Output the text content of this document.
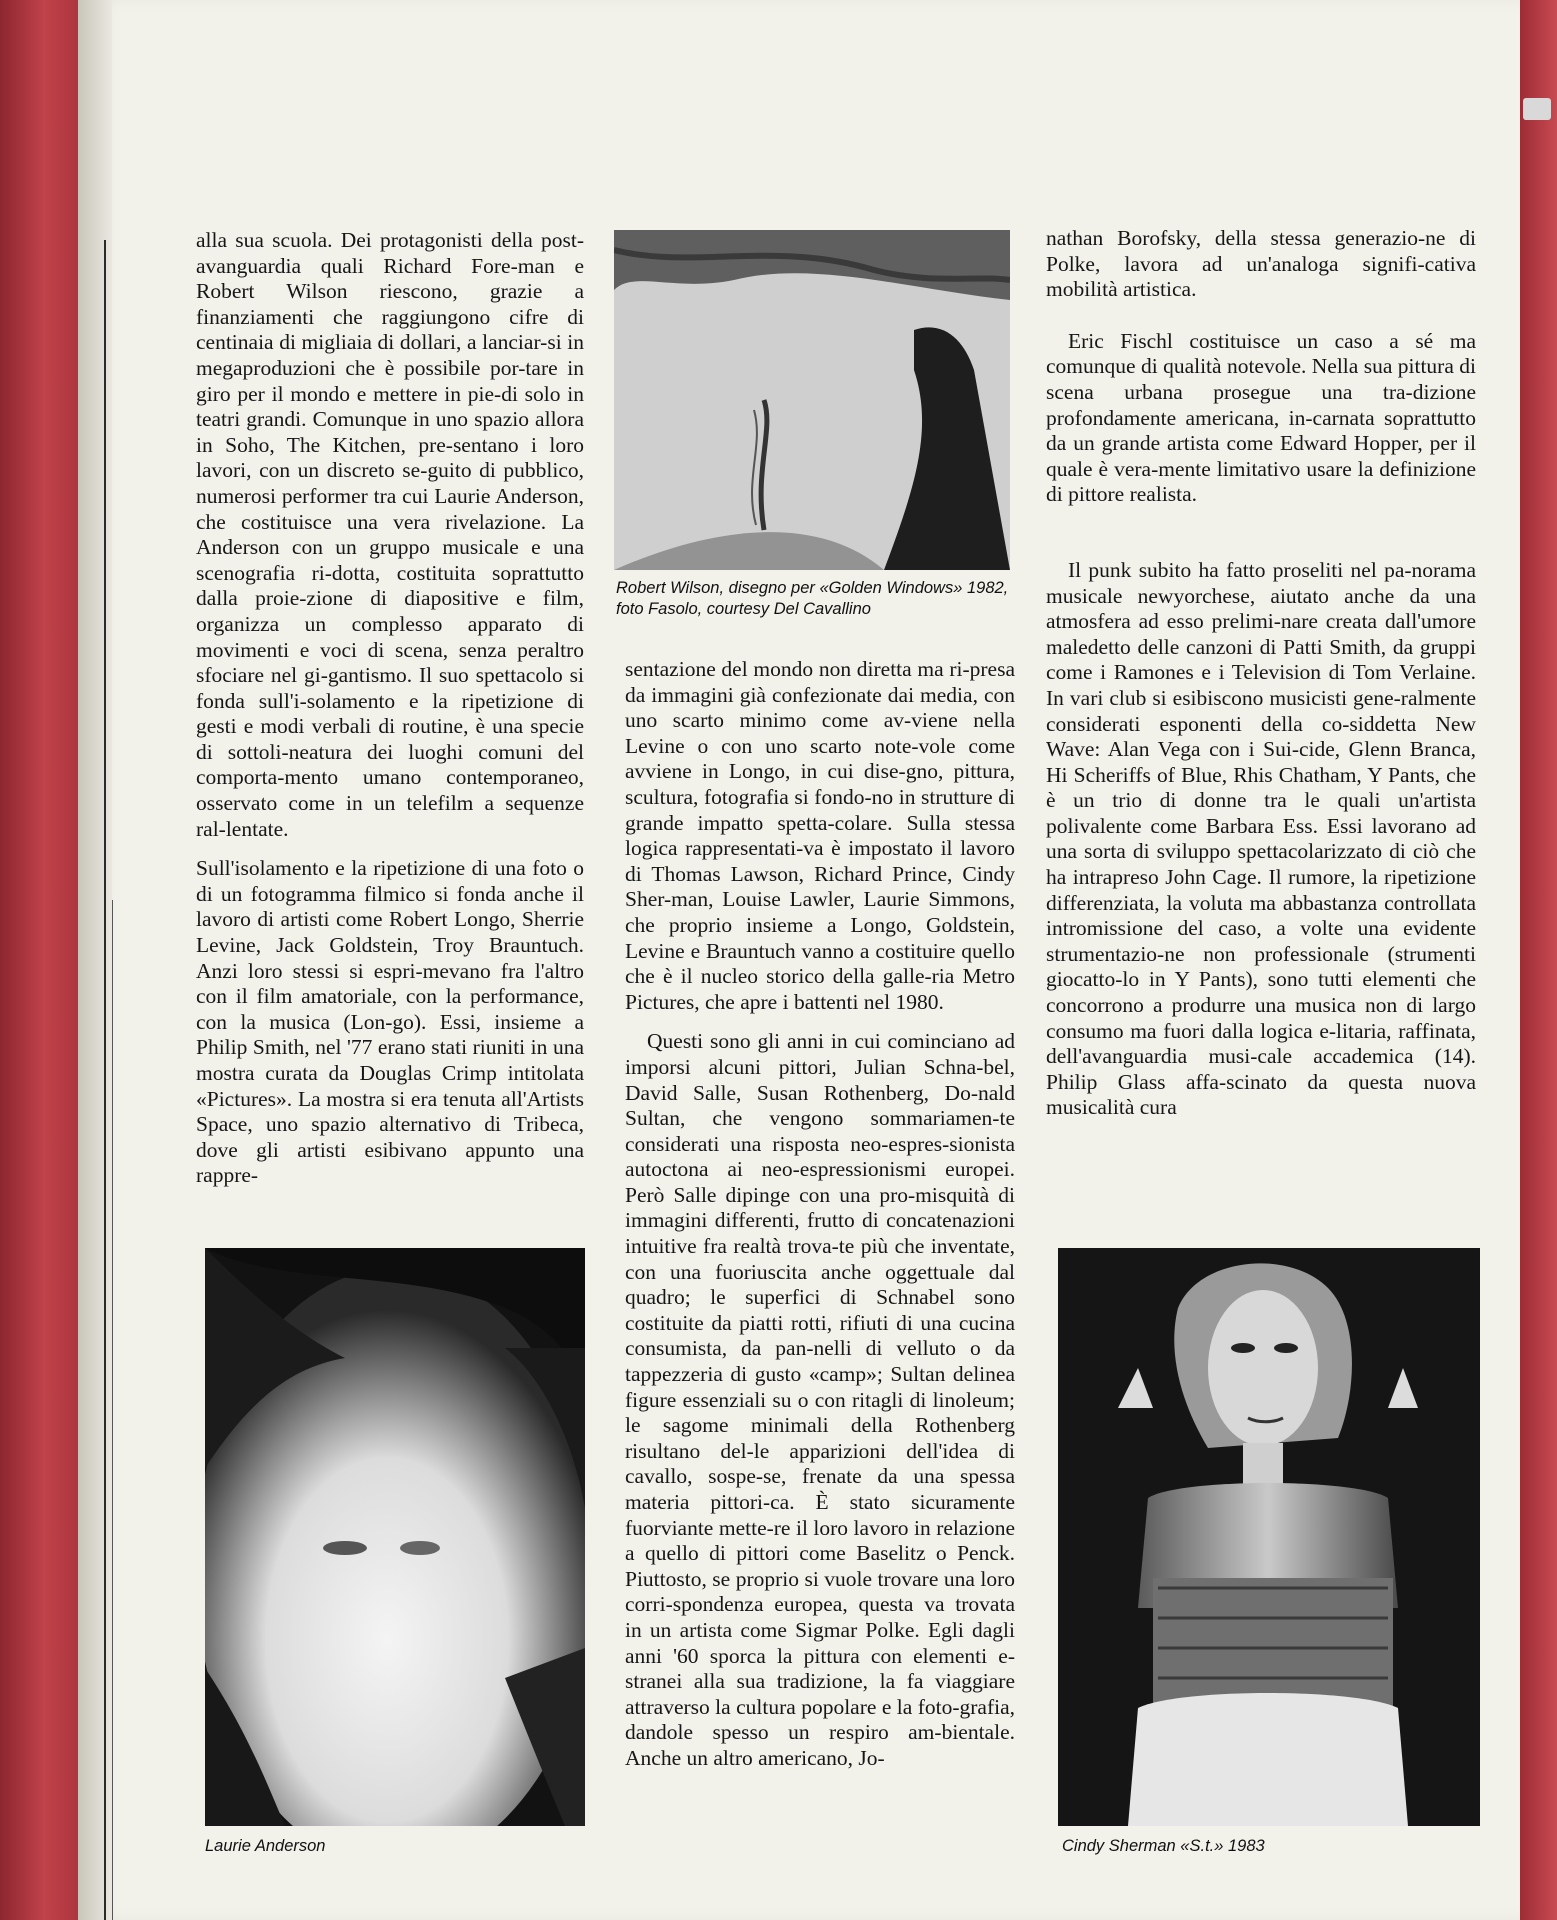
alla sua scuola. Dei protagonisti della post-avanguardia quali Richard Fore-man e Robert Wilson riescono, grazie a finanziamenti che raggiungono cifre di centinaia di migliaia di dollari, a lanciar-si in megaproduzioni che è possibile por-tare in giro per il mondo e mettere in pie-di solo in teatri grandi. Comunque in uno spazio allora in Soho, The Kitchen, pre-sentano i loro lavori, con un discreto se-guito di pubblico, numerosi performer tra cui Laurie Anderson, che costituisce una vera rivelazione. La Anderson con un gruppo musicale e una scenografia ri-dotta, costituita soprattutto dalla proie-zione di diapositive e film, organizza un complesso apparato di movimenti e voci di scena, senza peraltro sfociare nel gi-gantismo. Il suo spettacolo si fonda sull'i-solamento e la ripetizione di gesti e modi verbali di routine, è una specie di sottoli-neatura dei luoghi comuni del comporta-mento umano contemporaneo, osservato come in un telefilm a sequenze ral-lentate.

Sull'isolamento e la ripetizione di una foto o di un fotogramma filmico si fonda anche il lavoro di artisti come Robert Longo, Sherrie Levine, Jack Goldstein, Troy Brauntuch. Anzi loro stessi si espri-mevano fra l'altro con il film amatoriale, con la performance, con la musica (Lon-go). Essi, insieme a Philip Smith, nel '77 erano stati riuniti in una mostra curata da Douglas Crimp intitolata «Pictures». La mostra si era tenuta all'Artists Space, uno spazio alternativo di Tribeca, dove gli artisti esibivano appunto una rappre-

Robert Wilson, disegno per «Golden Windows» 1982, foto Fasolo, courtesy Del Cavallino

sentazione del mondo non diretta ma ri-presa da immagini già confezionate dai media, con uno scarto minimo come av-viene nella Levine o con uno scarto note-vole come avviene in Longo, in cui dise-gno, pittura, scultura, fotografia si fondo-no in strutture di grande impatto spetta-colare. Sulla stessa logica rappresentati-va è impostato il lavoro di Thomas Lawson, Richard Prince, Cindy Sher-man, Louise Lawler, Laurie Simmons, che proprio insieme a Longo, Goldstein, Levine e Brauntuch vanno a costituire quello che è il nucleo storico della galle-ria Metro Pictures, che apre i battenti nel 1980.

Questi sono gli anni in cui cominciano ad imporsi alcuni pittori, Julian Schna-bel, David Salle, Susan Rothenberg, Do-nald Sultan, che vengono sommariamen-te considerati una risposta neo-espres-sionista autoctona ai neo-espressionismi europei. Però Salle dipinge con una pro-misquità di immagini differenti, frutto di concatenazioni intuitive fra realtà trova-te più che inventate, con una fuoriuscita anche oggettuale dal quadro; le superfici di Schnabel sono costituite da piatti rotti, rifiuti di una cucina consumista, da pan-nelli di velluto o da tappezzeria di gusto «camp»; Sultan delinea figure essenziali su o con ritagli di linoleum; le sagome minimali della Rothenberg risultano del-le apparizioni dell'idea di cavallo, sospe-se, frenate da una spessa materia pittori-ca. È stato sicuramente fuorviante mette-re il loro lavoro in relazione a quello di pittori come Baselitz o Penck. Piuttosto, se proprio si vuole trovare una loro corri-spondenza europea, questa va trovata in un artista come Sigmar Polke. Egli dagli anni '60 sporca la pittura con elementi e-stranei alla sua tradizione, la fa viaggiare attraverso la cultura popolare e la foto-grafia, dandole spesso un respiro am-bientale. Anche un altro americano, Jo-

nathan Borofsky, della stessa generazio-ne di Polke, lavora ad un'analoga signifi-cativa mobilità artistica.

Eric Fischl costituisce un caso a sé ma comunque di qualità notevole. Nella sua pittura di scena urbana prosegue una tra-dizione profondamente americana, in-carnata soprattutto da un grande artista come Edward Hopper, per il quale è vera-mente limitativo usare la definizione di pittore realista.

Il punk subito ha fatto proseliti nel pa-norama musicale newyorchese, aiutato anche da una atmosfera ad esso prelimi-nare creata dall'umore maledetto delle canzoni di Patti Smith, da gruppi come i Ramones e i Television di Tom Verlaine. In vari club si esibiscono musicisti gene-ralmente considerati esponenti della co-siddetta New Wave: Alan Vega con i Sui-cide, Glenn Branca, Hi Scheriffs of Blue, Rhis Chatham, Y Pants, che è un trio di donne tra le quali un'artista polivalente come Barbara Ess. Essi lavorano ad una sorta di sviluppo spettacolarizzato di ciò che ha intrapreso John Cage. Il rumore, la ripetizione differenziata, la voluta ma abbastanza controllata intromissione del caso, a volte una evidente strumentazio-ne non professionale (strumenti giocatto-lo in Y Pants), sono tutti elementi che concorrono a produrre una musica non di largo consumo ma fuori dalla logica e-litaria, raffinata, dell'avanguardia musi-cale accademica (14). Philip Glass affa-scinato da questa nuova musicalità cura

Laurie Anderson	Cindy Sherman «S.t.» 1983
